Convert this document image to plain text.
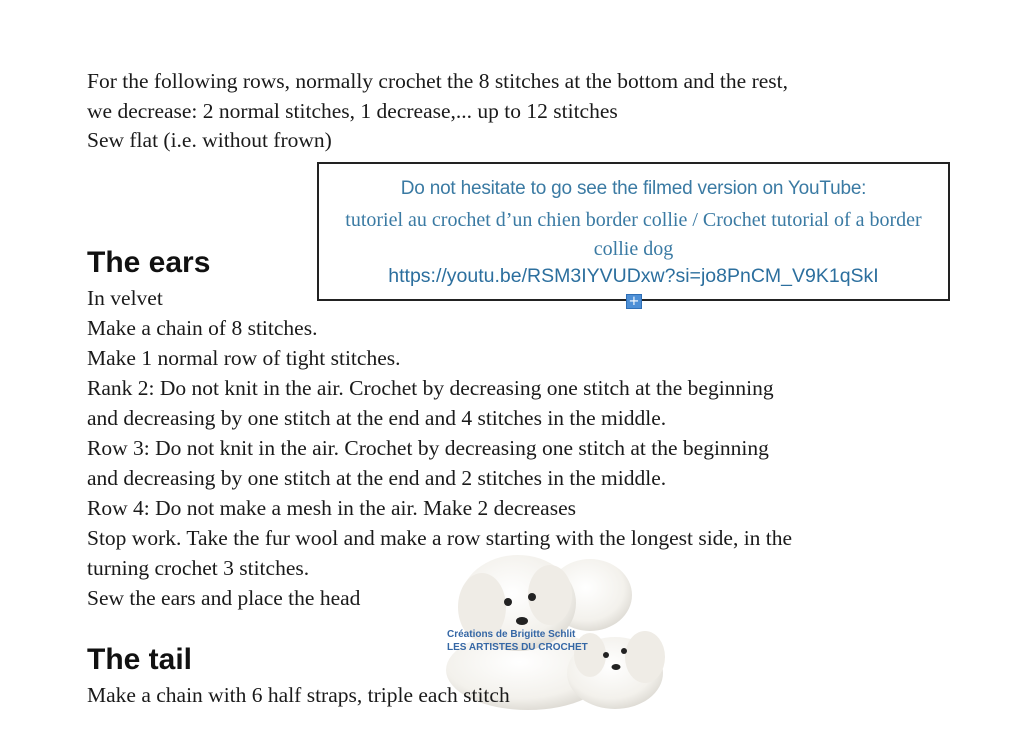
For the following rows, normally crochet the 8 stitches at the bottom and the rest,

we decrease: 2 normal stitches, 1 decrease,... up to 12 stitches

Sew flat (i.e. without frown)

Do not hesitate to go see the filmed version on YouTube:
tutoriel au crochet d’un chien border collie / Crochet tutorial of a border collie dog
https://youtu.be/RSM3IYVUDxw?si=jo8PnCM_V9K1qSkI
+
The ears

In velvet

Make a chain of 8 stitches.

Make 1 normal row of tight stitches.

Rank 2: Do not knit in the air. Crochet by decreasing one stitch at the beginning

and decreasing by one stitch at the end and 4 stitches in the middle.

Row 3: Do not knit in the air. Crochet by decreasing one stitch at the beginning

and decreasing by one stitch at the end and 2 stitches in the middle.

Row 4: Do not make a mesh in the air. Make 2 decreases

Stop work. Take the fur wool and make a row starting with the longest side, in the

turning crochet 3 stitches.

Sew the ears and place the head

Créations de Brigitte Schlit
LES ARTISTES DU CROCHET
The tail

Make a chain with 6 half straps, triple each stitch
